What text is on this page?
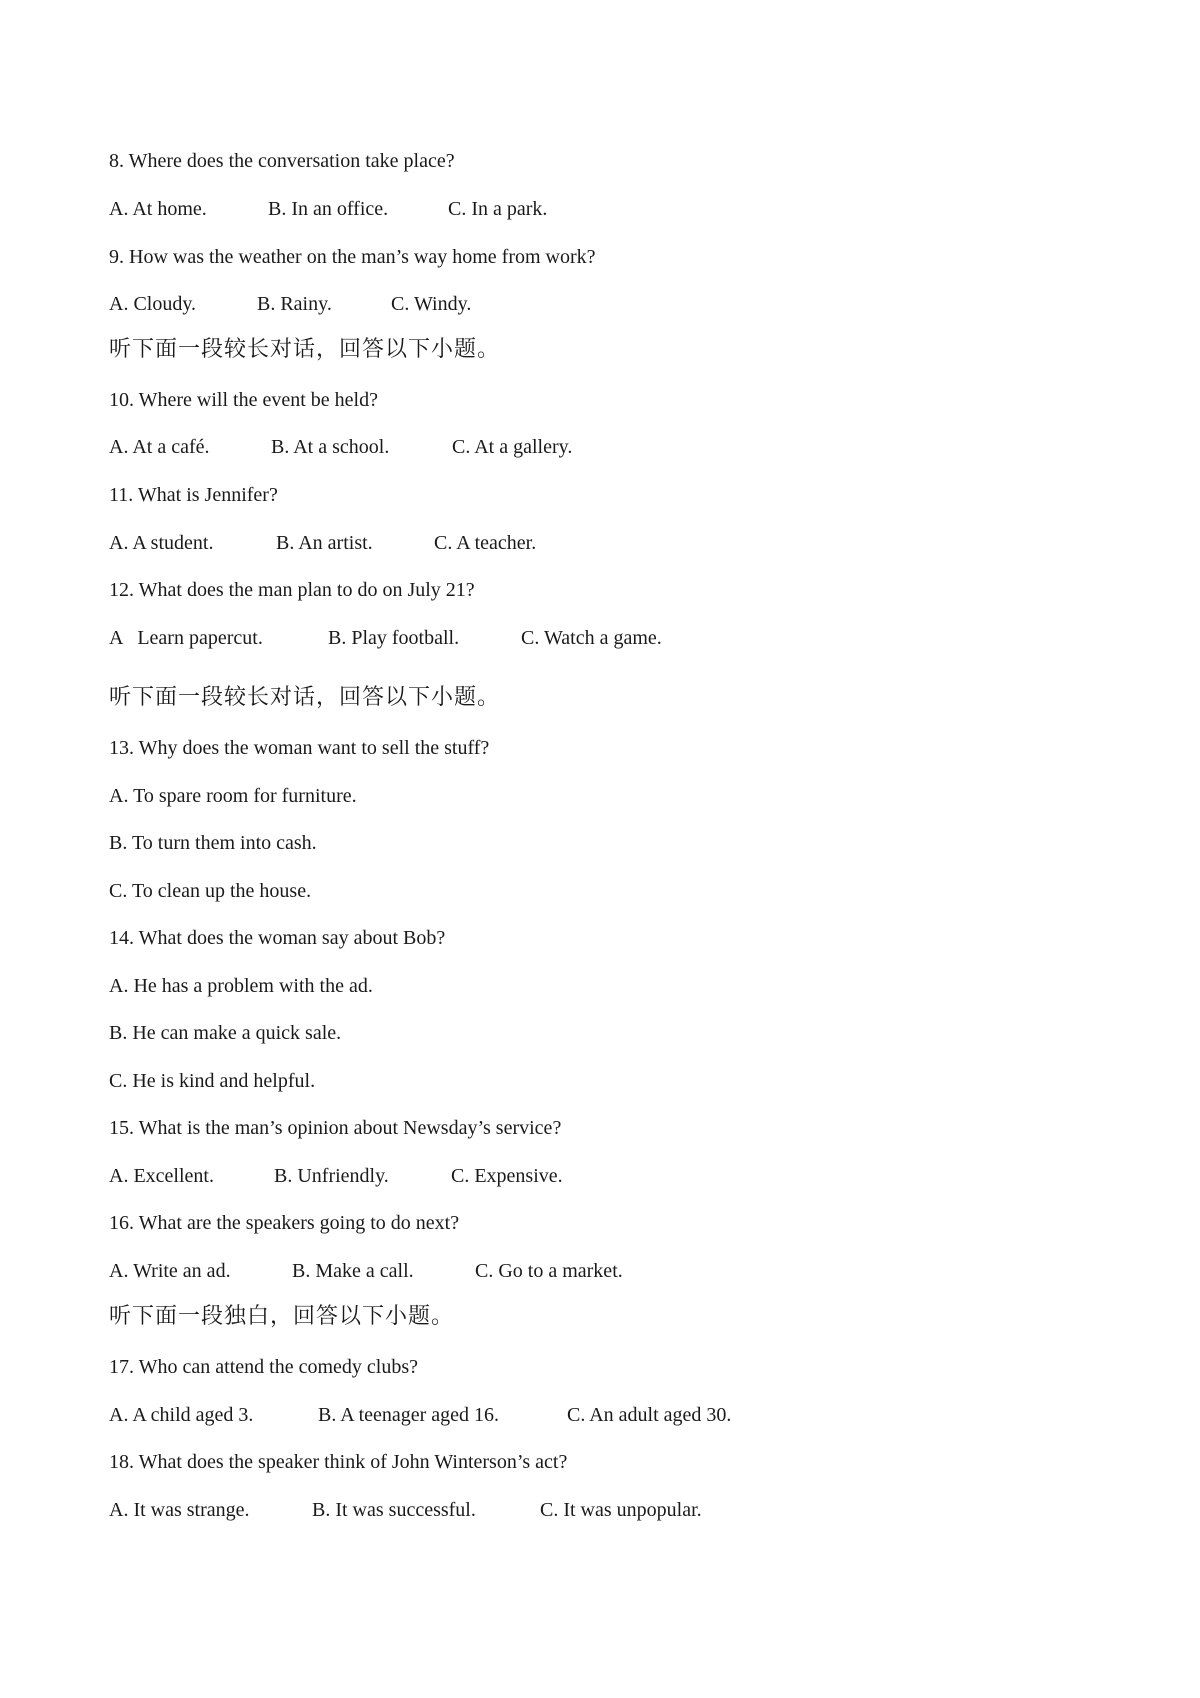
8. Where does the conversation take place?
A. At home.	B. In an office.	C. In a park.
9. How was the weather on the man’s way home from work?
A. Cloudy.	B. Rainy.	C. Windy.
听下面一段较长对话，回答以下小题。
10. Where will the event be held?
A. At a café.	B. At a school.	C. At a gallery.
11. What is Jennifer?
A. A student.	B. An artist.	C. A teacher.
12. What does the man plan to do on July 21?
A   Learn papercut.	B. Play football.	C. Watch a game.
听下面一段较长对话，回答以下小题。
13. Why does the woman want to sell the stuff?
A. To spare room for furniture.
B. To turn them into cash.
C. To clean up the house.
14. What does the woman say about Bob?
A. He has a problem with the ad.
B. He can make a quick sale.
C. He is kind and helpful.
15. What is the man’s opinion about Newsday’s service?
A. Excellent.	B. Unfriendly.	C. Expensive.
16. What are the speakers going to do next?
A. Write an ad.	B. Make a call.	C. Go to a market.
听下面一段独白，回答以下小题。
17. Who can attend the comedy clubs?
A. A child aged 3.	B. A teenager aged 16.	C. An adult aged 30.
18. What does the speaker think of John Winterson’s act?
A. It was strange.	B. It was successful.	C. It was unpopular.
